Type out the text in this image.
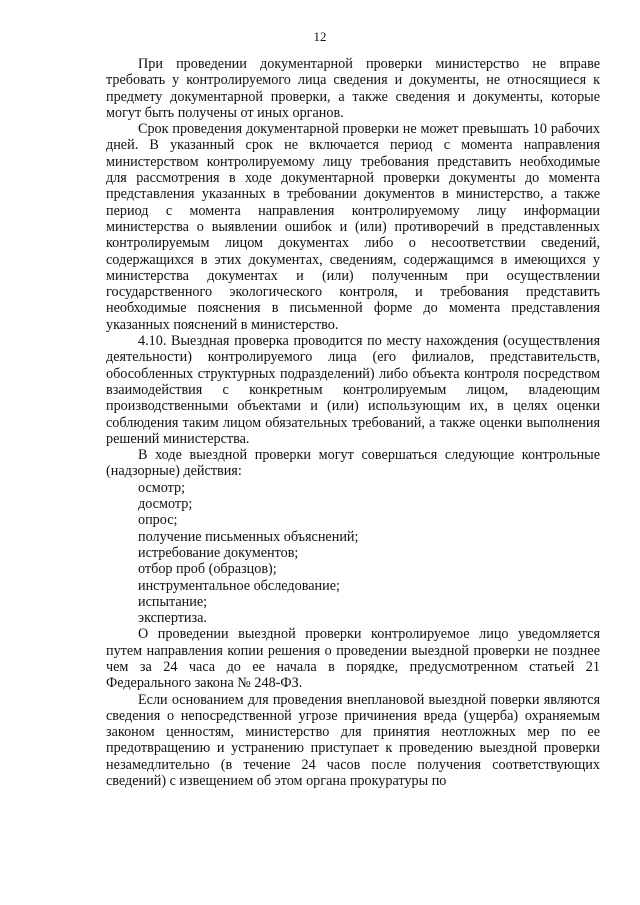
12

При проведении документарной проверки министерство не вправе требовать у контролируемого лица сведения и документы, не относящиеся к предмету документарной проверки, а также сведения и документы, которые могут быть получены от иных органов.

Срок проведения документарной проверки не может превышать 10 рабочих дней. В указанный срок не включается период с момента направления министерством контролируемому лицу требования представить необходимые для рассмотрения в ходе документарной проверки документы до момента представления указанных в требовании документов в министерство, а также период с момента направления контролируемому лицу информации министерства о выявлении ошибок и (или) противоречий в представленных контролируемым лицом документах либо о несоответствии сведений, содержащихся в этих документах, сведениям, содержащимся в имеющихся у министерства документах и (или) полученным при осуществлении государственного экологического контроля, и требования представить необходимые пояснения в письменной форме до момента представления указанных пояснений в министерство.

4.10. Выездная проверка проводится по месту нахождения (осуществления деятельности) контролируемого лица (его филиалов, представительств, обособленных структурных подразделений) либо объекта контроля посредством взаимодействия с конкретным контролируемым лицом, владеющим производственными объектами и (или) использующим их, в целях оценки соблюдения таким лицом обязательных требований, а также оценки выполнения решений министерства.

В ходе выездной проверки могут совершаться следующие контрольные (надзорные) действия:

осмотр;
досмотр;
опрос;
получение письменных объяснений;
истребование документов;
отбор проб (образцов);
инструментальное обследование;
испытание;
экспертиза.

О проведении выездной проверки контролируемое лицо уведомляется путем направления копии решения о проведении выездной проверки не позднее чем за 24 часа до ее начала в порядке, предусмотренном статьей 21 Федерального закона № 248-ФЗ.

Если основанием для проведения внеплановой выездной поверки являются сведения о непосредственной угрозе причинения вреда (ущерба) охраняемым законом ценностям, министерство для принятия неотложных мер по ее предотвращению и устранению приступает к проведению выездной проверки незамедлительно (в течение 24 часов после получения соответствующих сведений) с извещением об этом органа прокуратуры по
